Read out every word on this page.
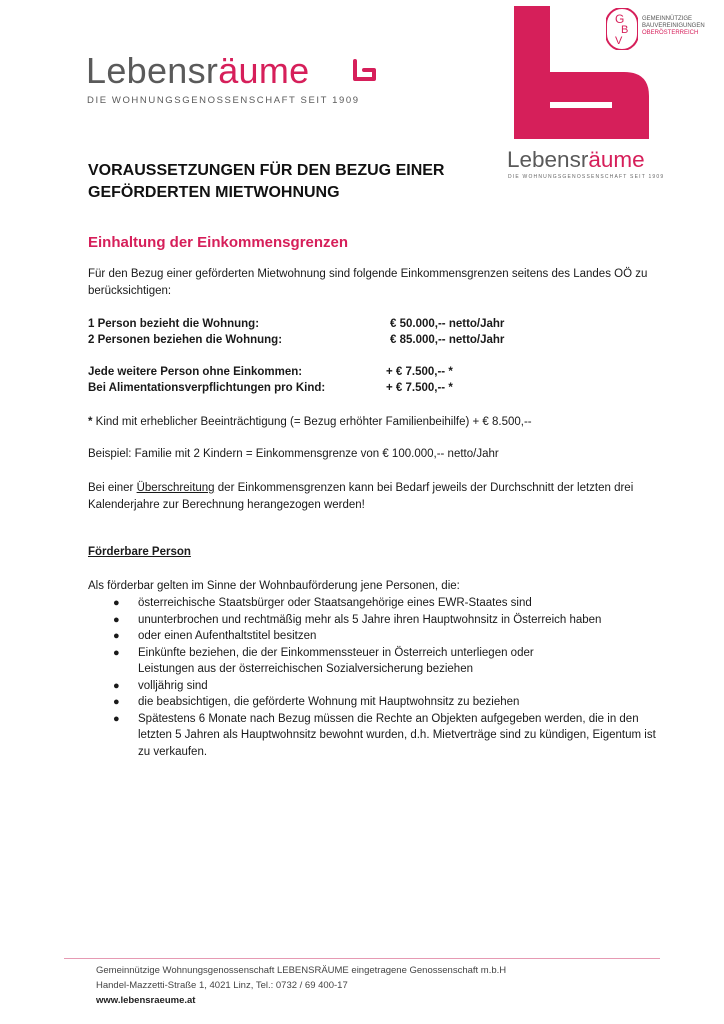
Lebensräume
DIE WOHNUNGSGENOSSENSCHAFT SEIT 1909
G
B
V
GEMEINNÜTZIGE
BAUVEREINIGUNGEN
OBERÖSTERREICH
Lebensräume
DIE WOHNUNGSGENOSSENSCHAFT SEIT 1909
VORAUSSETZUNGEN FÜR DEN BEZUG EINER
GEFÖRDERTEN MIETWOHNUNG
Einhaltung der Einkommensgrenzen
Für den Bezug einer geförderten Mietwohnung sind folgende Einkommensgrenzen seitens des Landes OÖ zu berücksichtigen:
1 Person bezieht die Wohnung:	€ 50.000,-- netto/Jahr
2 Personen beziehen die Wohnung:	€ 85.000,-- netto/Jahr
Jede weitere Person ohne Einkommen:	+ € 7.500,-- *
Bei Alimentationsverpflichtungen pro Kind:	+ € 7.500,-- *
* Kind mit erheblicher Beeinträchtigung (= Bezug erhöhter Familienbeihilfe) + € 8.500,--
Beispiel: Familie mit 2 Kindern = Einkommensgrenze von € 100.000,-- netto/Jahr
Bei einer Überschreitung der Einkommensgrenzen kann bei Bedarf jeweils der Durchschnitt der letzten drei Kalenderjahre zur Berechnung herangezogen werden!
Förderbare Person
Als förderbar gelten im Sinne der Wohnbauförderung jene Personen, die:
● österreichische Staatsbürger oder Staatsangehörige eines EWR-Staates sind
● ununterbrochen und rechtmäßig mehr als 5 Jahre ihren Hauptwohnsitz in Österreich haben
● oder einen Aufenthaltstitel besitzen
● Einkünfte beziehen, die der Einkommenssteuer in Österreich unterliegen oder Leistungen aus der österreichischen Sozialversicherung beziehen
● volljährig sind
● die beabsichtigen, die geförderte Wohnung mit Hauptwohnsitz zu beziehen
● Spätestens 6 Monate nach Bezug müssen die Rechte an Objekten aufgegeben werden, die in den letzten 5 Jahren als Hauptwohnsitz bewohnt wurden, d.h. Mietverträge sind zu kündigen, Eigentum ist zu verkaufen.
Gemeinnützige Wohnungsgenossenschaft LEBENSRÄUME eingetragene Genossenschaft m.b.H
Handel-Mazzetti-Straße 1, 4021 Linz, Tel.: 0732 / 69 400-17
www.lebensraeume.at
